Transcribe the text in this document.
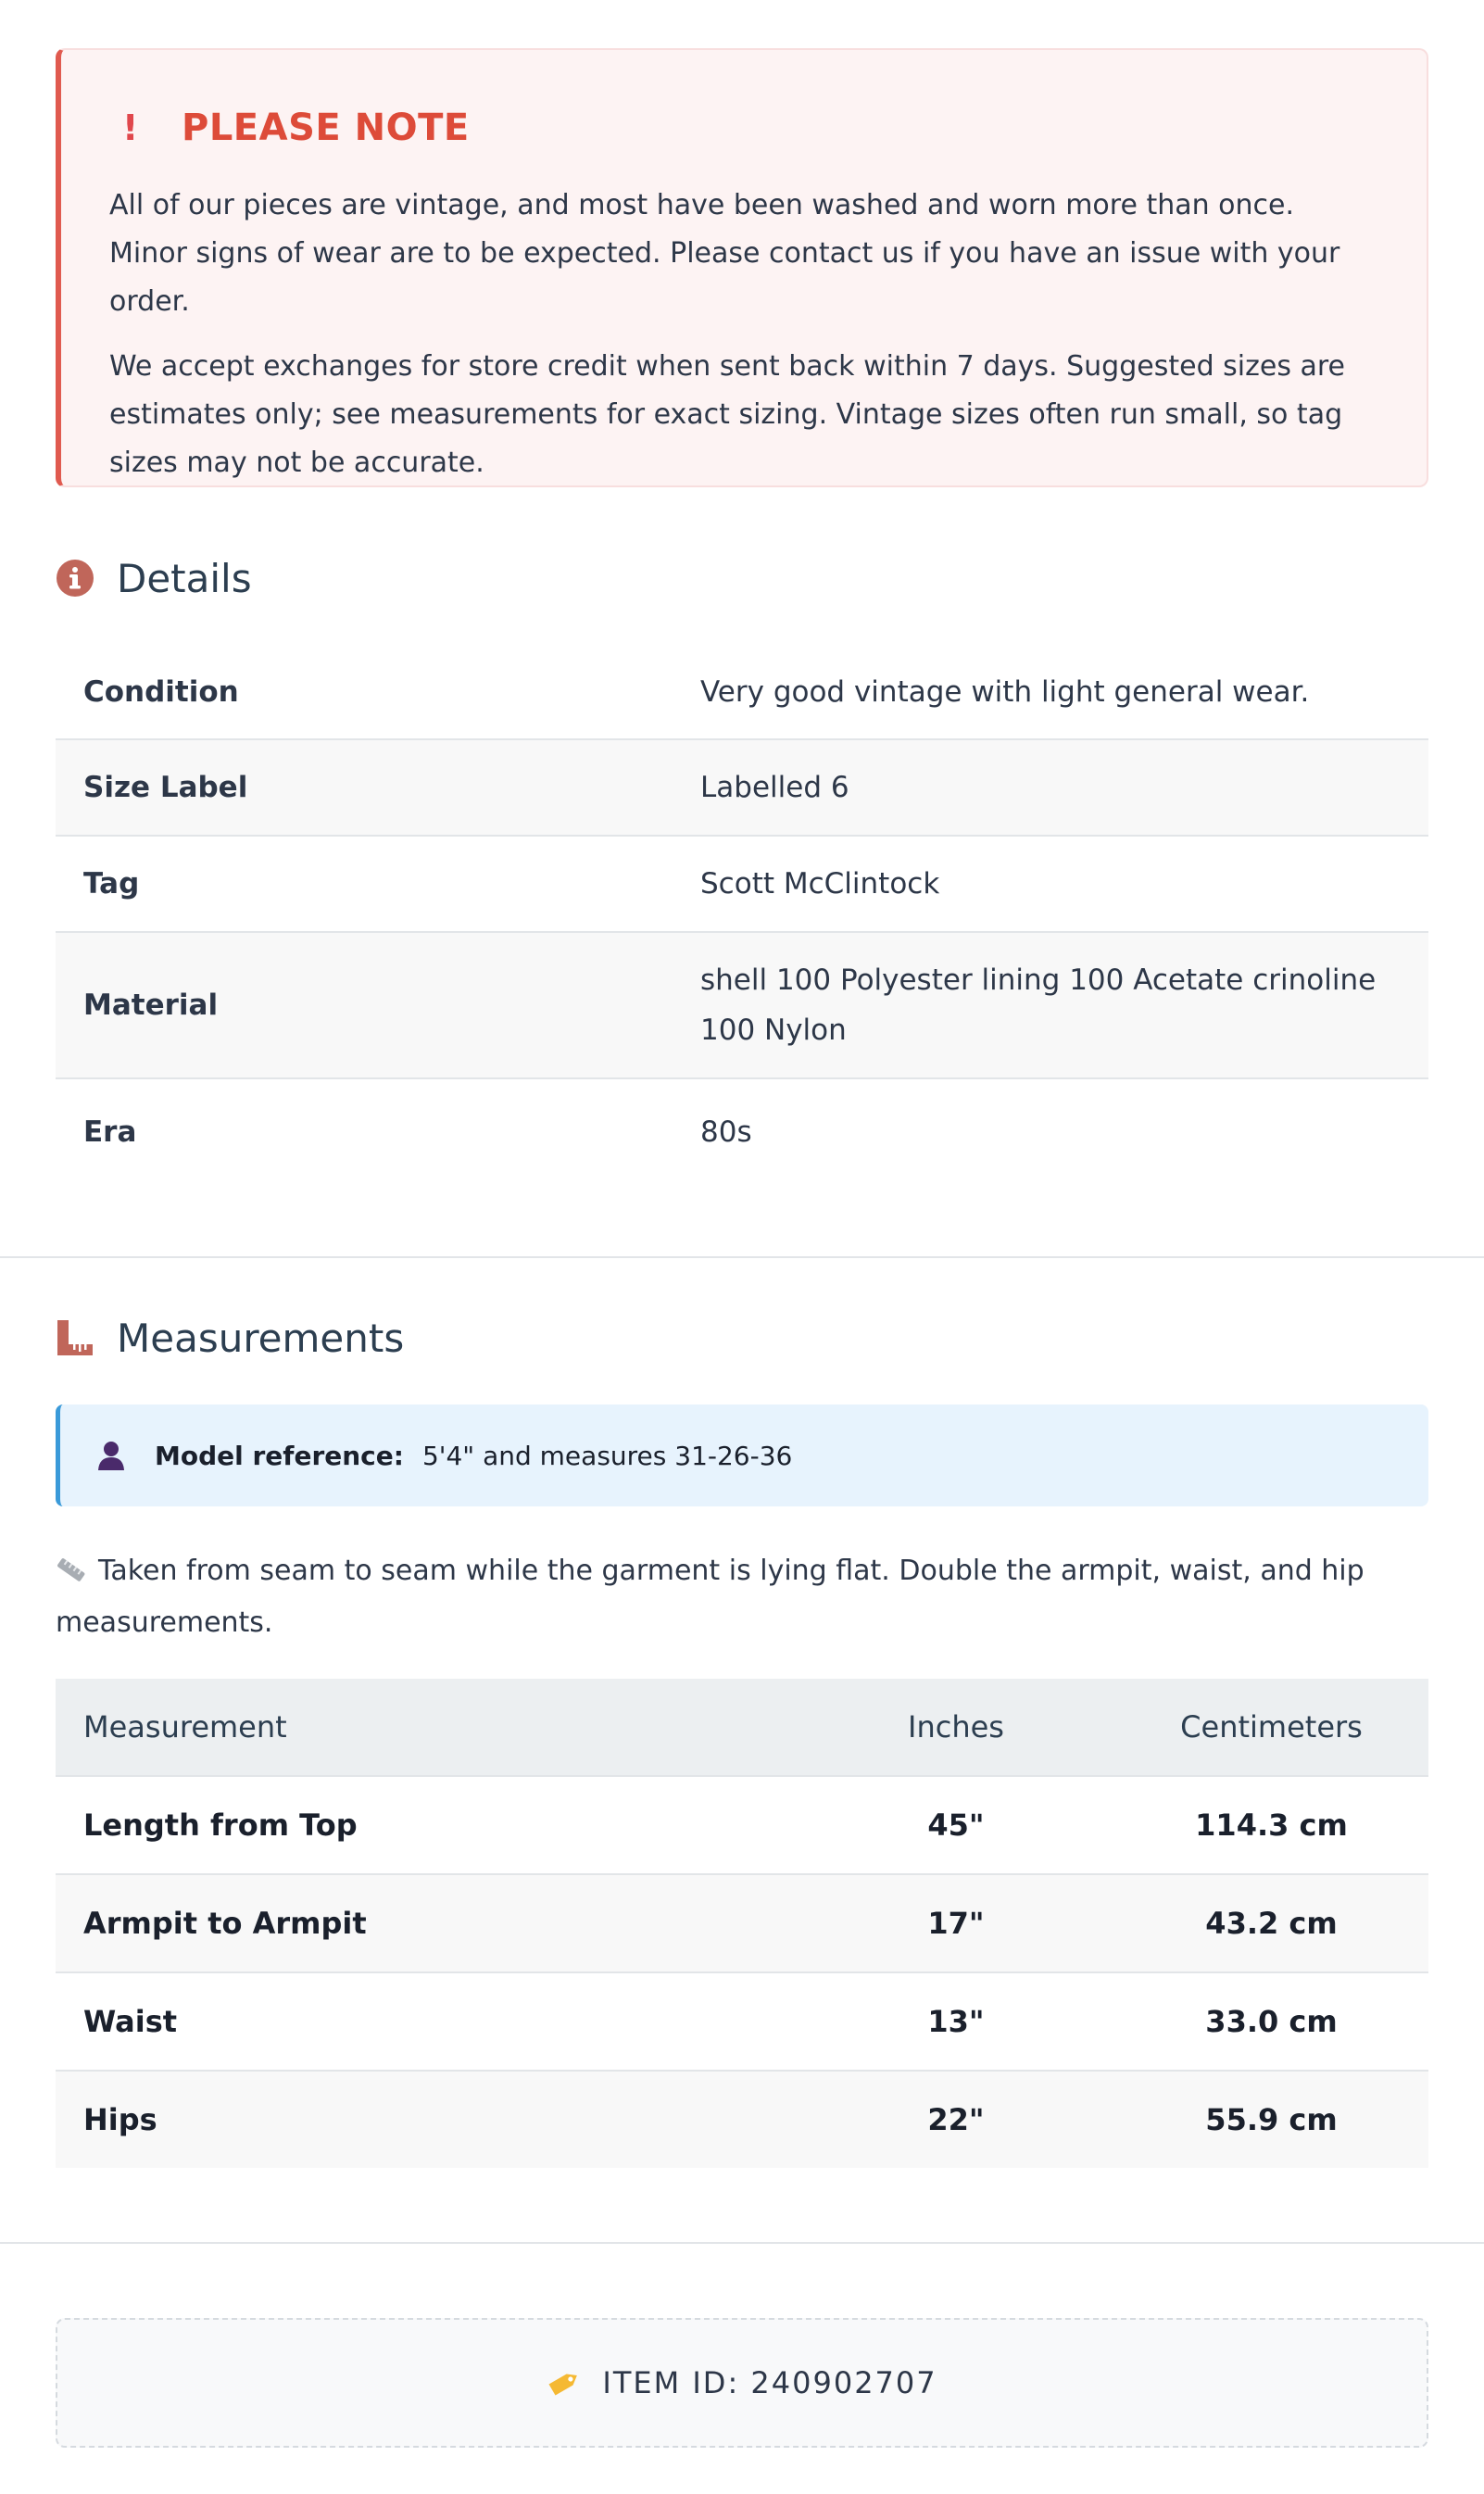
!	PLEASE NOTE

All of our pieces are vintage, and most have been washed and worn more than once. Minor signs of wear are to be expected. Please contact us if you have an issue with your order.

We accept exchanges for store credit when sent back within 7 days. Suggested sizes are estimates only; see measurements for exact sizing. Vintage sizes often run small, so tag sizes may not be accurate.

Details
Condition	Very good vintage with light general wear.
Size Label	Labelled 6
Tag	Scott McClintock
Material	shell 100 Polyester lining 100 Acetate crinoline 100 Nylon
Era	80s
Measurements
Model reference: 5'4" and measures 31-26-36
Taken from seam to seam while the garment is lying flat. Double the armpit, waist, and hip measurements.
Measurement	Inches	Centimeters
Length from Top	45"	114.3 cm
Armpit to Armpit	17"	43.2 cm
Waist	13"	33.0 cm
Hips	22"	55.9 cm
ITEM ID: 240902707
